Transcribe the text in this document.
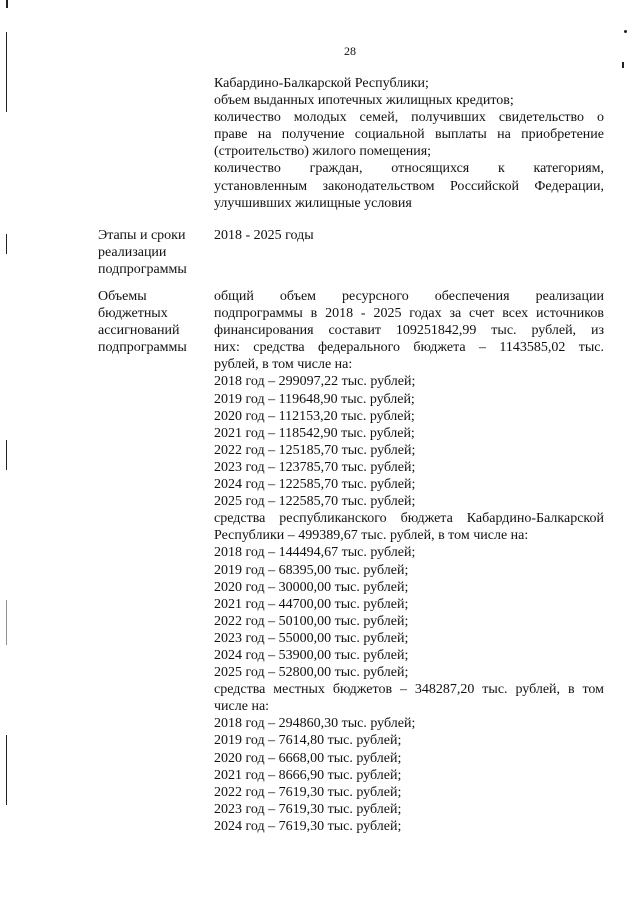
28
Кабардино-Балкарской Республики;
объем выданных ипотечных жилищных кредитов;
количество молодых семей, получивших свидетельство о
праве на получение социальной выплаты на приобретение
(строительство) жилого помещения;
количество граждан, относящихся к категориям,
установленным законодательством Российской Федерации,
улучшивших жилищные условия
Этапы и сроки
реализации
подпрограммы
2018 - 2025 годы
Объемы
бюджетных
ассигнований
подпрограммы
общий объем ресурсного обеспечения реализации
подпрограммы в 2018 - 2025 годах за счет всех источников
финансирования составит 109251842,99 тыс. рублей, из
них: средства федерального бюджета – 1143585,02 тыс.
рублей, в том числе на:
2018 год – 299097,22 тыс. рублей;
2019 год – 119648,90 тыс. рублей;
2020 год – 112153,20 тыс. рублей;
2021 год – 118542,90 тыс. рублей;
2022 год – 125185,70 тыс. рублей;
2023 год – 123785,70 тыс. рублей;
2024 год – 122585,70 тыс. рублей;
2025 год – 122585,70 тыс. рублей;
средства республиканского бюджета Кабардино-Балкарской
Республики – 499389,67 тыс. рублей, в том числе на:
2018 год – 144494,67 тыс. рублей;
2019 год – 68395,00 тыс. рублей;
2020 год – 30000,00 тыс. рублей;
2021 год – 44700,00 тыс. рублей;
2022 год – 50100,00 тыс. рублей;
2023 год – 55000,00 тыс. рублей;
2024 год – 53900,00 тыс. рублей;
2025 год – 52800,00 тыс. рублей;
средства местных бюджетов – 348287,20 тыс. рублей, в том
числе на:
2018 год – 294860,30 тыс. рублей;
2019 год – 7614,80 тыс. рублей;
2020 год – 6668,00 тыс. рублей;
2021 год – 8666,90 тыс. рублей;
2022 год – 7619,30 тыс. рублей;
2023 год – 7619,30 тыс. рублей;
2024 год – 7619,30 тыс. рублей;
